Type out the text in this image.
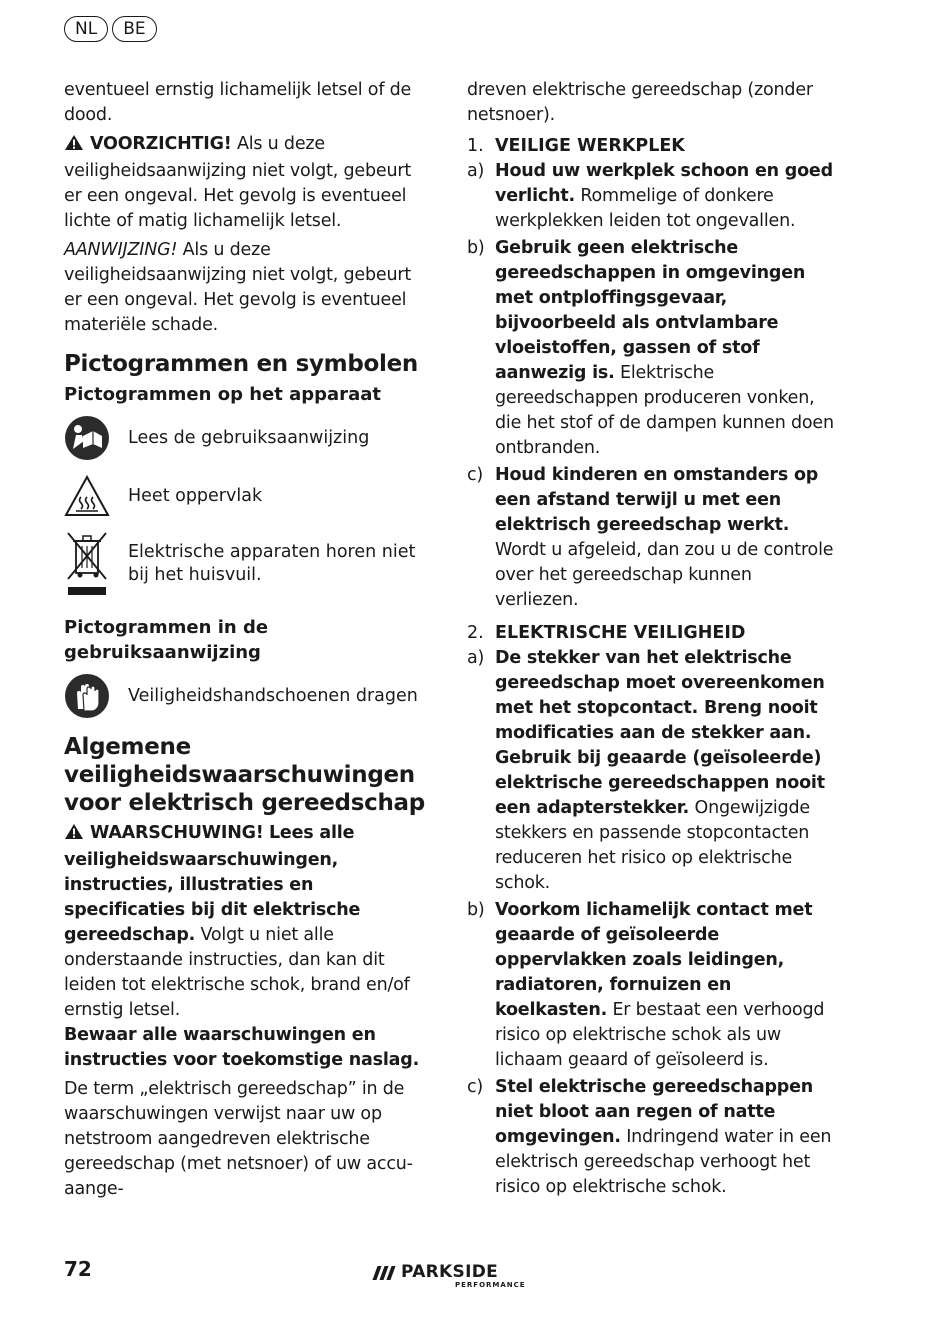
NL	BE

eventueel ernstig lichamelijk letsel of de dood.

VOORZICHTIG! Als u deze veiligheidsaanwijzing niet volgt, gebeurt er een ongeval. Het gevolg is eventueel lichte of matig lichamelijk letsel.

AANWIJZING! Als u deze veiligheidsaanwijzing niet volgt, gebeurt er een ongeval. Het gevolg is eventueel materiële schade.

Pictogrammen en symbolen
Pictogrammen op het apparaat
Lees de gebruiksaanwijzing
Heet oppervlak
Elektrische apparaten horen niet bij het huisvuil.
Pictogrammen in de gebruiksaanwijzing
Veiligheidshandschoenen dragen
Algemene veiligheidswaarschuwingen voor elektrisch gereedschap

WAARSCHUWING! Lees alle veiligheidswaarschuwingen, instructies, illustraties en specificaties bij dit elektrische gereedschap. Volgt u niet alle onderstaande instructies, dan kan dit leiden tot elektrische schok, brand en/of ernstig letsel.

Bewaar alle waarschuwingen en instructies voor toekomstige naslag.

De term „elektrisch gereedschap” in de waarschuwingen verwijst naar uw op netstroom aangedreven elektrische gereedschap (met netsnoer) of uw accu-aange-

dreven elektrische gereedschap (zonder netsnoer).

1. VEILIGE WERKPLEK
a) Houd uw werkplek schoon en goed verlicht. Rommelige of donkere werkplekken leiden tot ongevallen.
b) Gebruik geen elektrische gereedschappen in omgevingen met ontploffingsgevaar, bijvoorbeeld als ontvlambare vloeistoffen, gassen of stof aanwezig is. Elektrische gereedschappen produceren vonken, die het stof of de dampen kunnen doen ontbranden.
c) Houd kinderen en omstanders op een afstand terwijl u met een elektrisch gereedschap werkt. Wordt u afgeleid, dan zou u de controle over het gereedschap kunnen verliezen.
2. ELEKTRISCHE VEILIGHEID
a) De stekker van het elektrische gereedschap moet overeenkomen met het stopcontact. Breng nooit modificaties aan de stekker aan. Gebruik bij geaarde (geïsoleerde) elektrische gereedschappen nooit een adapterstekker. Ongewijzigde stekkers en passende stopcontacten reduceren het risico op elektrische schok.
b) Voorkom lichamelijk contact met geaarde of geïsoleerde oppervlakken zoals leidingen, radiatoren, fornuizen en koelkasten. Er bestaat een verhoogd risico op elektrische schok als uw lichaam geaard of geïsoleerd is.
c) Stel elektrische gereedschappen niet bloot aan regen of natte omgevingen. Indringend water in een elektrisch gereedschap verhoogt het risico op elektrische schok.
72	PARKSIDE
PERFORMANCE
